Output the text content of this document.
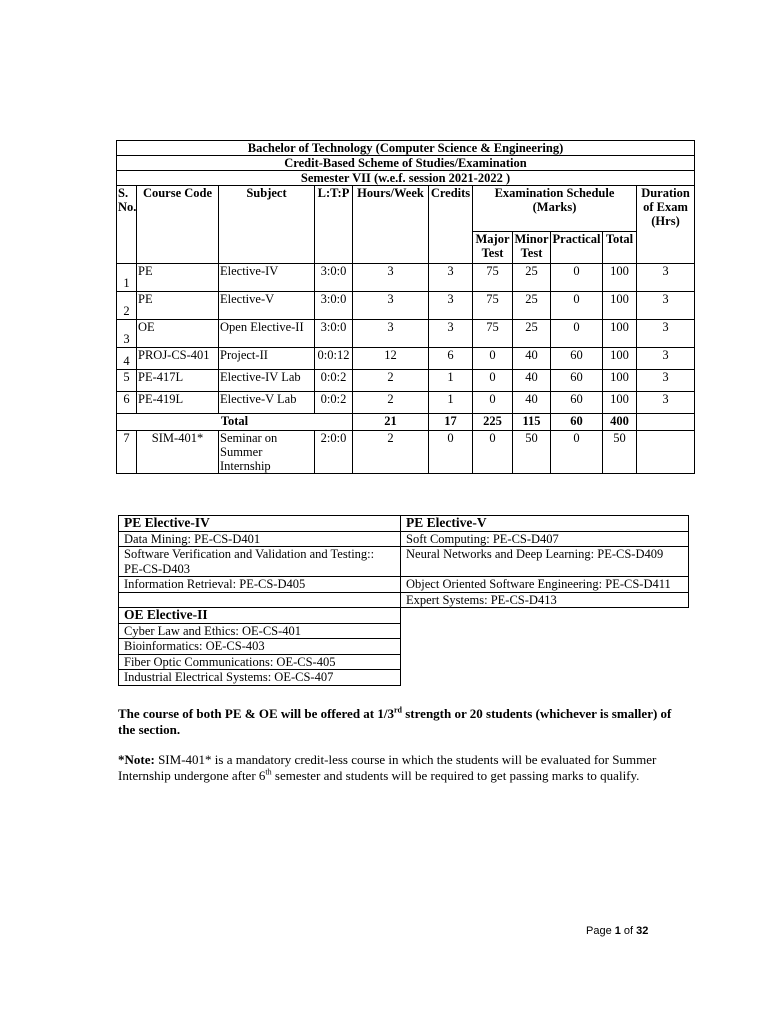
Bachelor of Technology (Computer Science & Engineering)										
Credit-Based Scheme of Studies/Examination										
Semester VII (w.e.f. session 2021-2022 )										
S. No.	Course Code	Subject	L:T:P	Hours/Week	Credits	Examination Schedule (Marks)				Duration of Exam (Hrs)
						Major Test	Minor Test	Practical	Total	
1	PE	Elective-IV	3:0:0	3	3	75	25	0	100	3
2	PE	Elective-V	3:0:0	3	3	75	25	0	100	3
3	OE	Open Elective-II	3:0:0	3	3	75	25	0	100	3
4	PROJ-CS-401	Project-II	0:0:12	12	6	0	40	60	100	3
5	PE-417L	Elective-IV Lab	0:0:2	2	1	0	40	60	100	3
6	PE-419L	Elective-V Lab	0:0:2	2	1	0	40	60	100	3
Total				21	17	225	115	60	400	
7	SIM-401*	Seminar on Summer Internship	2:0:0	2	0	0	50	0	50	
PE Elective-IV	PE Elective-V
Data Mining: PE-CS-D401	Soft Computing: PE-CS-D407
Software Verification and Validation and Testing:: PE-CS-D403	Neural Networks and Deep Learning: PE-CS-D409
Information Retrieval: PE-CS-D405	Object Oriented Software Engineering: PE-CS-D411
	Expert Systems: PE-CS-D413
OE Elective-II	
Cyber Law and Ethics: OE-CS-401	
Bioinformatics: OE-CS-403	
Fiber Optic Communications: OE-CS-405	
Industrial Electrical Systems: OE-CS-407	
The course of both PE & OE will be offered at 1/3rd strength or 20 students (whichever is smaller) of the section.
*Note: SIM-401* is a mandatory credit-less course in which the students will be evaluated for Summer Internship undergone after 6th semester and students will be required to get passing marks to qualify.
Page 1 of 32
